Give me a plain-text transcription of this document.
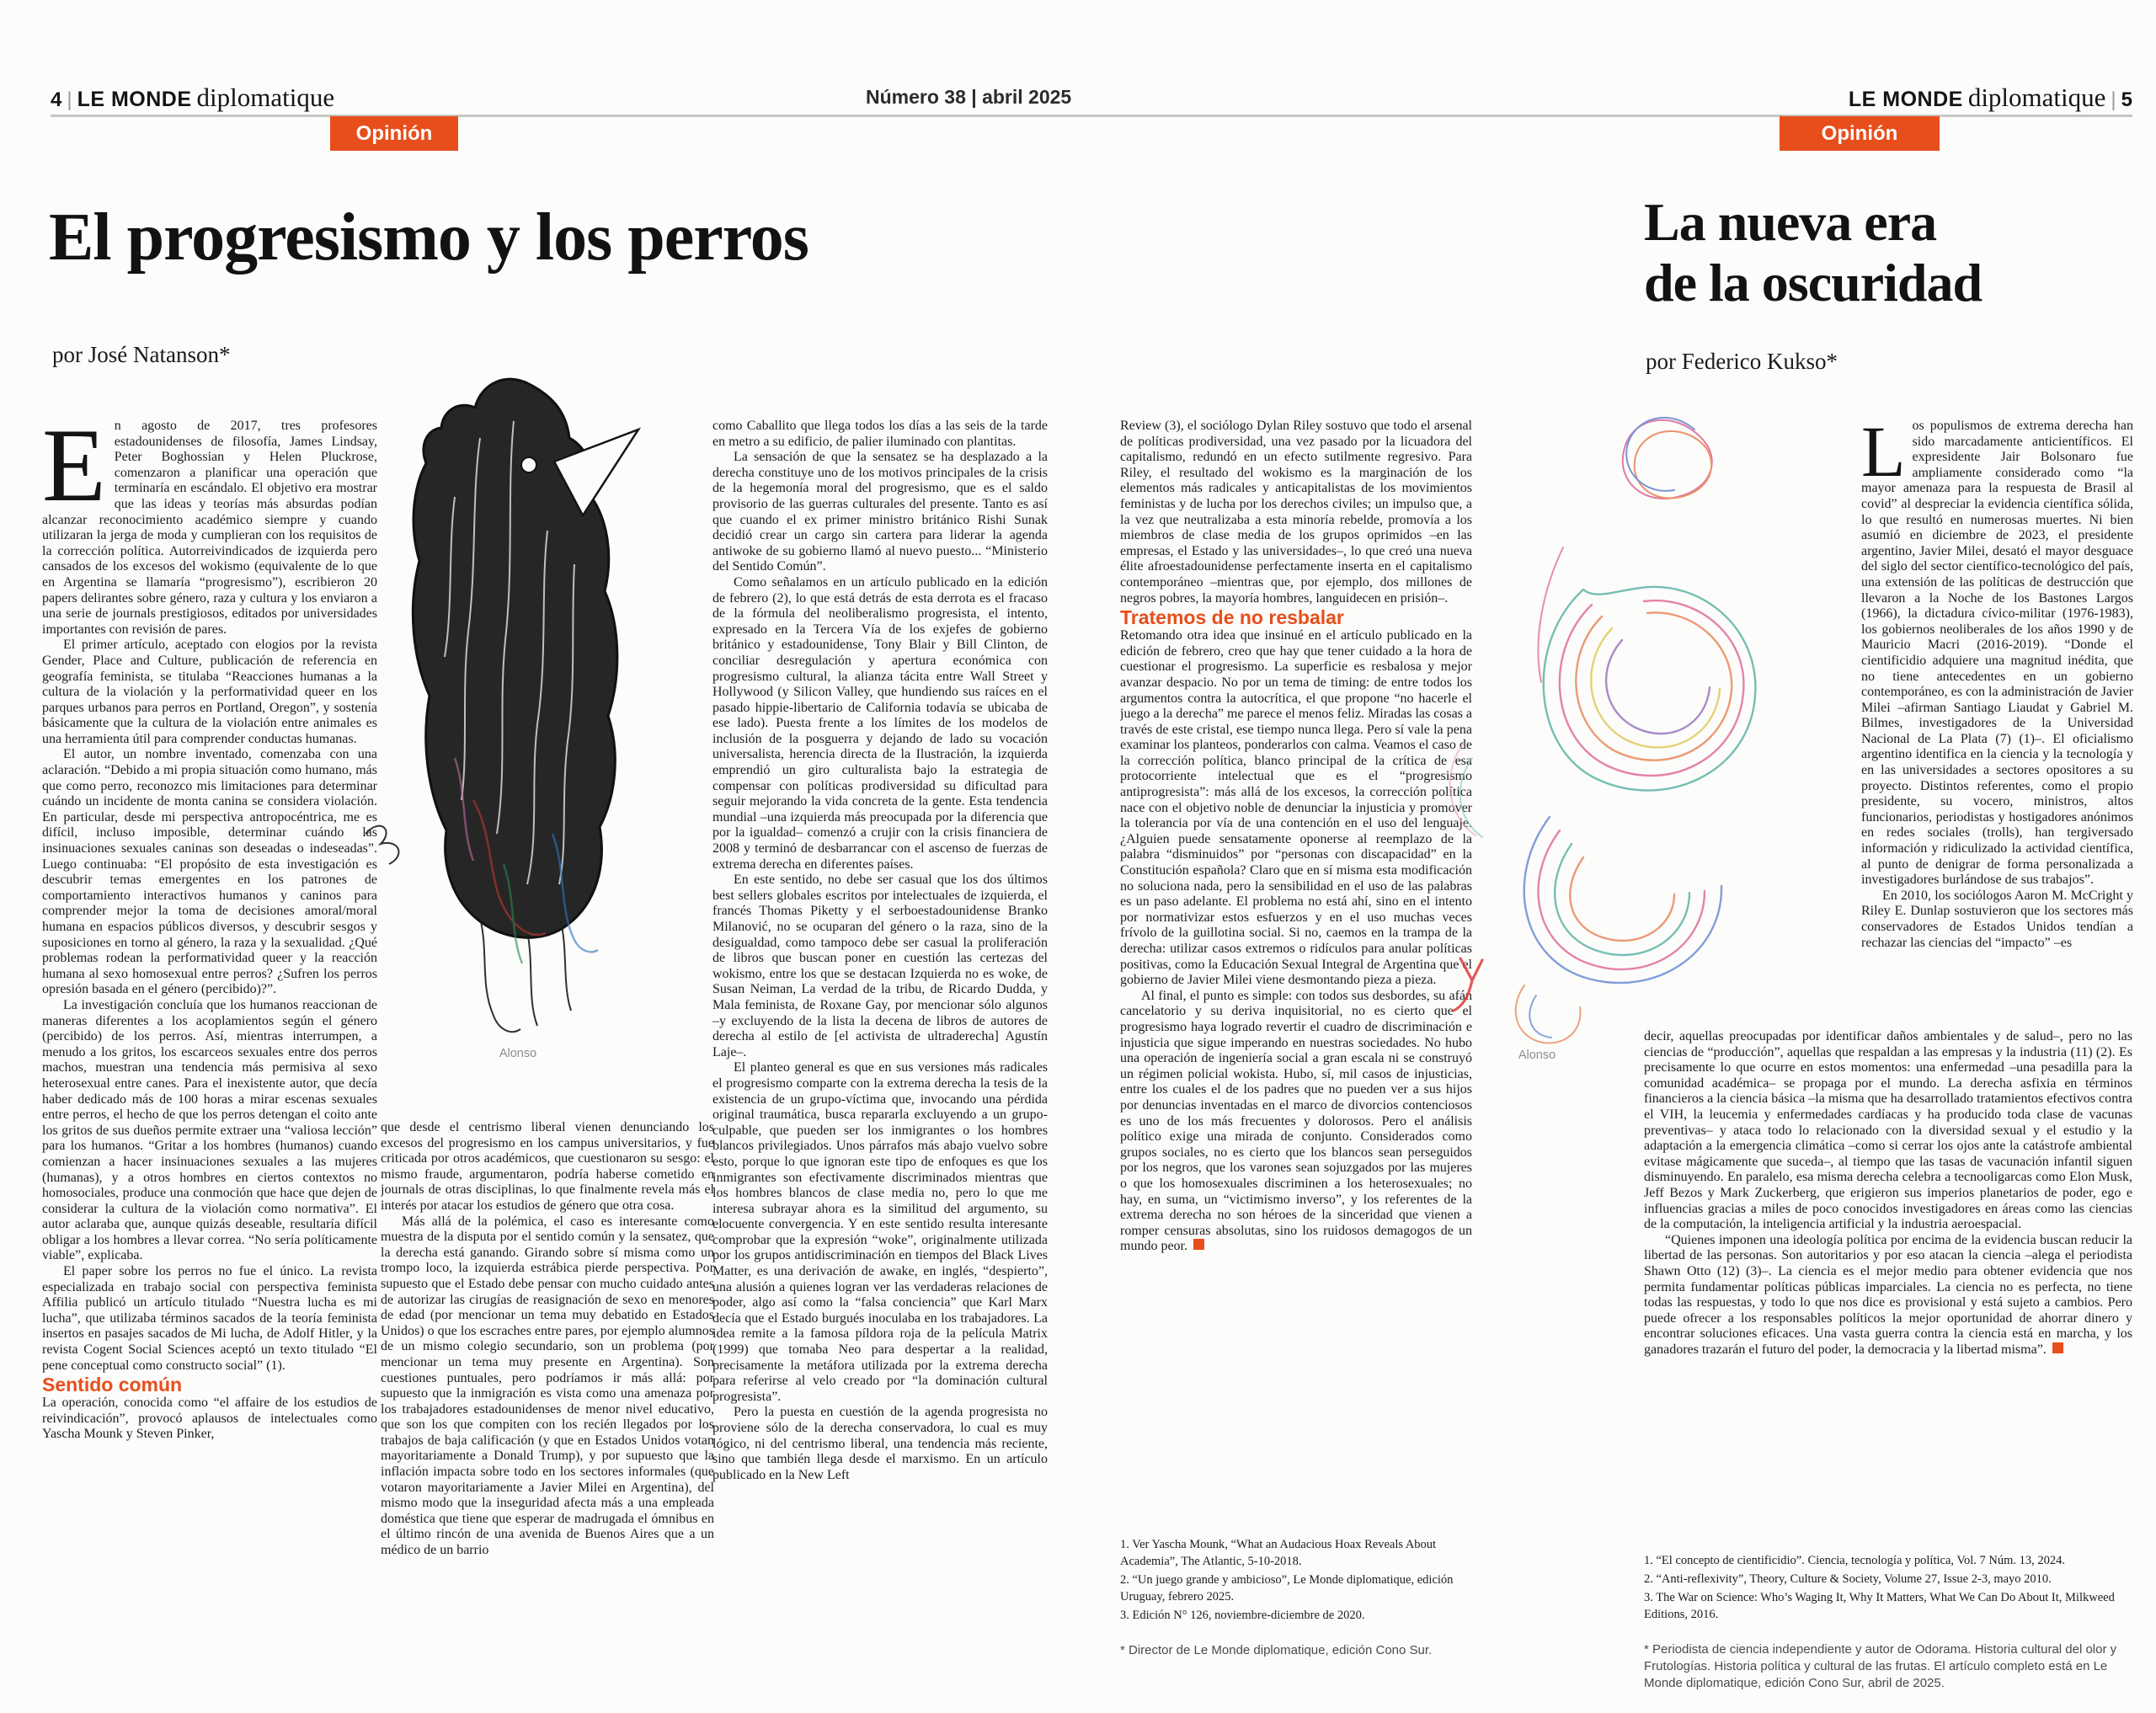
4 | LE MONDE diplomatique	Número 38 | abril 2025	LE MONDE diplomatique | 5
Opinión	Opinión
El progresismo y los perros
por José Natanson*
Alonso

En agosto de 2017, tres profesores estadounidenses de filosofía, James Lindsay, Peter Boghossian y Helen Pluckrose, comenzaron a planificar una operación que terminaría en escándalo. El objetivo era mostrar que las ideas y teorías más absurdas podían alcanzar reconocimiento académico siempre y cuando utilizaran la jerga de moda y cumplieran con los requisitos de la corrección política. Autorreivindicados de izquierda pero cansados de los excesos del wokismo (equivalente de lo que en Argentina se llamaría “progresismo”), escribieron 20 papers delirantes sobre género, raza y cultura y los enviaron a una serie de journals prestigiosos, editados por universidades importantes con revisión de pares.

El primer artículo, aceptado con elogios por la revista Gender, Place and Culture, publicación de referencia en geografía feminista, se titulaba “Reacciones humanas a la cultura de la violación y la performatividad queer en los parques urbanos para perros en Portland, Oregon”, y sostenía básicamente que la cultura de la violación entre animales es una herramienta útil para comprender conductas humanas.

El autor, un nombre inventado, comenzaba con una aclaración. “Debido a mi propia situación como humano, más que como perro, reconozco mis limitaciones para determinar cuándo un incidente de monta canina se considera violación. En particular, desde mi perspectiva antropocéntrica, me es difícil, incluso imposible, determinar cuándo las insinuaciones sexuales caninas son deseadas o indeseadas”. Luego continuaba: “El propósito de esta investigación es descubrir temas emergentes en los patrones de comportamiento interactivos humanos y caninos para comprender mejor la toma de decisiones amoral/moral humana en espacios públicos diversos, y descubrir sesgos y suposiciones en torno al género, la raza y la sexualidad. ¿Qué problemas rodean la performatividad queer y la reacción humana al sexo homosexual entre perros? ¿Sufren los perros opresión basada en el género (percibido)?”.

La investigación concluía que los humanos reaccionan de maneras diferentes a los acoplamientos según el género (percibido) de los perros. Así, mientras interrumpen, a menudo a los gritos, los escarceos sexuales entre dos perros machos, muestran una tendencia más permisiva al sexo heterosexual entre canes. Para el inexistente autor, que decía haber dedicado más de 100 horas a mirar escenas sexuales entre perros, el hecho de que los perros detengan el coito ante los gritos de sus dueños permite extraer una “valiosa lección” para los humanos. “Gritar a los hombres (humanos) cuando comienzan a hacer insinuaciones sexuales a las mujeres (humanas), y a otros hombres en ciertos contextos no homosociales, produce una conmoción que hace que dejen de considerar la cultura de la violación como normativa”. El autor aclaraba que, aunque quizás deseable, resultaría difícil obligar a los hombres a llevar correa. “No sería políticamente viable”, explicaba.

El paper sobre los perros no fue el único. La revista especializada en trabajo social con perspectiva feminista Affilia publicó un artículo titulado “Nuestra lucha es mi lucha”, que utilizaba términos sacados de la teoría feminista insertos en pasajes sacados de Mi lucha, de Adolf Hitler, y la revista Cogent Social Sciences aceptó un texto titulado “El pene conceptual como constructo social” (1).

Sentido común

La operación, conocida como “el affaire de los estudios de reivindicación”, provocó aplausos de intelectuales como Yascha Mounk y Steven Pinker,

que desde el centrismo liberal vienen denunciando los excesos del progresismo en los campus universitarios, y fue criticada por otros académicos, que cuestionaron su sesgo: el mismo fraude, argumentaron, podría haberse cometido en journals de otras disciplinas, lo que finalmente revela más el interés por atacar los estudios de género que otra cosa.

Más allá de la polémica, el caso es interesante como muestra de la disputa por el sentido común y la sensatez, que la derecha está ganando. Girando sobre sí misma como un trompo loco, la izquierda estrábica pierde perspectiva. Por supuesto que el Estado debe pensar con mucho cuidado antes de autorizar las cirugías de reasignación de sexo en menores de edad (por mencionar un tema muy debatido en Estados Unidos) o que los escraches entre pares, por ejemplo alumnos de un mismo colegio secundario, son un problema (por mencionar un tema muy presente en Argentina). Son cuestiones puntuales, pero podríamos ir más allá: por supuesto que la inmigración es vista como una amenaza por los trabajadores estadounidenses de menor nivel educativo, que son los que compiten con los recién llegados por los trabajos de baja calificación (y que en Estados Unidos votan mayoritariamente a Donald Trump), y por supuesto que la inflación impacta sobre todo en los sectores informales (que votaron mayoritariamente a Javier Milei en Argentina), del mismo modo que la inseguridad afecta más a una empleada doméstica que tiene que esperar de madrugada el ómnibus en el último rincón de una avenida de Buenos Aires que a un médico de un barrio

como Caballito que llega todos los días a las seis de la tarde en metro a su edificio, de palier iluminado con plantitas.

La sensación de que la sensatez se ha desplazado a la derecha constituye uno de los motivos principales de la crisis de la hegemonía moral del progresismo, que es el saldo provisorio de las guerras culturales del presente. Tanto es así que cuando el ex primer ministro británico Rishi Sunak decidió crear un cargo sin cartera para liderar la agenda antiwoke de su gobierno llamó al nuevo puesto... “Ministerio del Sentido Común”.

Como señalamos en un artículo publicado en la edición de febrero (2), lo que está detrás de esta derrota es el fracaso de la fórmula del neoliberalismo progresista, el intento, expresado en la Tercera Vía de los exjefes de gobierno británico y estadounidense, Tony Blair y Bill Clinton, de conciliar desregulación y apertura económica con progresismo cultural, la alianza tácita entre Wall Street y Hollywood (y Silicon Valley, que hundiendo sus raíces en el pasado hippie-libertario de California todavía se ubicaba de ese lado). Puesta frente a los límites de los modelos de inclusión de la posguerra y dejando de lado su vocación universalista, herencia directa de la Ilustración, la izquierda emprendió un giro culturalista bajo la estrategia de compensar con políticas prodiversidad su dificultad para seguir mejorando la vida concreta de la gente. Esta tendencia mundial –una izquierda más preocupada por la diferencia que por la igualdad– comenzó a crujir con la crisis financiera de 2008 y terminó de desbarrancar con el ascenso de fuerzas de extrema derecha en diferentes países.

En este sentido, no debe ser casual que los dos últimos best sellers globales escritos por intelectuales de izquierda, el francés Thomas Piketty y el serboestadounidense Branko Milanović, no se ocuparan del género o la raza, sino de la desigualdad, como tampoco debe ser casual la proliferación de libros que buscan poner en cuestión las certezas del wokismo, entre los que se destacan Izquierda no es woke, de Susan Neiman, La verdad de la tribu, de Ricardo Dudda, y Mala feminista, de Roxane Gay, por mencionar sólo algunos –y excluyendo de la lista la decena de libros de autores de derecha al estilo de [el activista de ultraderecha] Agustín Laje–.

El planteo general es que en sus versiones más radicales el progresismo comparte con la extrema derecha la tesis de la existencia de un grupo-víctima que, invocando una pérdida original traumática, busca repararla excluyendo a un grupo-culpable, que pueden ser los inmigrantes o los hombres blancos privilegiados. Unos párrafos más abajo vuelvo sobre esto, porque lo que ignoran este tipo de enfoques es que los inmigrantes son efectivamente discriminados mientras que los hombres blancos de clase media no, pero lo que me interesa subrayar ahora es la similitud del argumento, su elocuente convergencia. Y en este sentido resulta interesante comprobar que la expresión “woke”, originalmente utilizada por los grupos antidiscriminación en tiempos del Black Lives Matter, es una derivación de awake, en inglés, “despierto”, una alusión a quienes logran ver las verdaderas relaciones de poder, algo así como la “falsa conciencia” que Karl Marx decía que el Estado burgués inoculaba en los trabajadores. La idea remite a la famosa píldora roja de la película Matrix (1999) que tomaba Neo para despertar a la realidad, precisamente la metáfora utilizada por la extrema derecha para referirse al velo creado por “la dominación cultural progresista”.

Pero la puesta en cuestión de la agenda progresista no proviene sólo de la derecha conservadora, lo cual es muy lógico, ni del centrismo liberal, una tendencia más reciente, sino que también llega desde el marxismo. En un artículo publicado en la New Left

Review (3), el sociólogo Dylan Riley sostuvo que todo el arsenal de políticas prodiversidad, una vez pasado por la licuadora del capitalismo, redundó en un efecto sutilmente regresivo. Para Riley, el resultado del wokismo es la marginación de los elementos más radicales y anticapitalistas de los movimientos feministas y de lucha por los derechos civiles; un impulso que, a la vez que neutralizaba a esta minoría rebelde, promovía a los miembros de clase media de los grupos oprimidos –en las empresas, el Estado y las universidades–, lo que creó una nueva élite afroestadounidense perfectamente inserta en el capitalismo contemporáneo –mientras que, por ejemplo, dos millones de negros pobres, la mayoría hombres, languidecen en prisión–.

Tratemos de no resbalar

Retomando otra idea que insinué en el artículo publicado en la edición de febrero, creo que hay que tener cuidado a la hora de cuestionar el progresismo. La superficie es resbalosa y mejor avanzar despacio. No por un tema de timing: de entre todos los argumentos contra la autocrítica, el que propone “no hacerle el juego a la derecha” me parece el menos feliz. Miradas las cosas a través de este cristal, ese tiempo nunca llega. Pero sí vale la pena examinar los planteos, ponderarlos con calma. Veamos el caso de la corrección política, blanco principal de la crítica de esa protocorriente intelectual que es el “progresismo antiprogresista”: más allá de los excesos, la corrección política nace con el objetivo noble de denunciar la injusticia y promover la tolerancia por vía de una contención en el uso del lenguaje. ¿Alguien puede sensatamente oponerse al reemplazo de la palabra “disminuidos” por “personas con discapacidad” en la Constitución española? Claro que en sí misma esta modificación no soluciona nada, pero la sensibilidad en el uso de las palabras es un paso adelante. El problema no está ahí, sino en el intento por normativizar estos esfuerzos y en el uso muchas veces frívolo de la guillotina social. Si no, caemos en la trampa de la derecha: utilizar casos extremos o ridículos para anular políticas positivas, como la Educación Sexual Integral de Argentina que el gobierno de Javier Milei viene desmontando pieza a pieza.

Al final, el punto es simple: con todos sus desbordes, su afán cancelatorio y su deriva inquisitorial, no es cierto que el progresismo haya logrado revertir el cuadro de discriminación e injusticia que sigue imperando en nuestras sociedades. No hubo una operación de ingeniería social a gran escala ni se construyó un régimen policial wokista. Hubo, sí, mil casos de injusticias, entre los cuales el de los padres que no pueden ver a sus hijos por denuncias inventadas en el marco de divorcios contenciosos es uno de los más frecuentes y dolorosos. Pero el análisis político exige una mirada de conjunto. Considerados como grupos sociales, no es cierto que los blancos sean perseguidos por los negros, que los varones sean sojuzgados por las mujeres o que los homosexuales discriminen a los heterosexuales; no hay, en suma, un “victimismo inverso”, y los referentes de la extrema derecha no son héroes de la sinceridad que vienen a romper censuras absolutas, sino los ruidosos demagogos de un mundo peor.

1. Ver Yascha Mounk, “What an Audacious Hoax Reveals About Academia”, The Atlantic, 5-10-2018.

2. “Un juego grande y ambicioso”, Le Monde diplomatique, edición Uruguay, febrero 2025.

3. Edición N° 126, noviembre-diciembre de 2020.

* Director de Le Monde diplomatique, edición Cono Sur.
La nueva era
de la oscuridad
por Federico Kukso*
Alonso

Los populismos de extrema derecha han sido marcadamente anticientíficos. El expresidente Jair Bolsonaro fue ampliamente considerado como “la mayor amenaza para la respuesta de Brasil al covid” al despreciar la evidencia científica sólida, lo que resultó en numerosas muertes. Ni bien asumió en diciembre de 2023, el presidente argentino, Javier Milei, desató el mayor desguace del siglo del sector científico-tecnológico del país, una extensión de las políticas de destrucción que llevaron a la Noche de los Bastones Largos (1966), la dictadura cívico-militar (1976-1983), los gobiernos neoliberales de los años 1990 y de Mauricio Macri (2016-2019). “Donde el cientificidio adquiere una magnitud inédita, que no tiene antecedentes en un gobierno contemporáneo, es con la administración de Javier Milei –afirman Santiago Liaudat y Gabriel M. Bilmes, investigadores de la Universidad Nacional de La Plata (7) (1)–. El oficialismo argentino identifica en la ciencia y la tecnología y en las universidades a sectores opositores a su proyecto. Distintos referentes, como el propio presidente, su vocero, ministros, altos funcionarios, periodistas y hostigadores anónimos en redes sociales (trolls), han tergiversado información y ridiculizado la actividad científica, al punto de denigrar de forma personalizada a investigadores burlándose de sus trabajos”.

En 2010, los sociólogos Aaron M. McCright y Riley E. Dunlap sostuvieron que los sectores más conservadores de Estados Unidos tendían a rechazar las ciencias del “impacto” –es

decir, aquellas preocupadas por identificar daños ambientales y de salud–, pero no las ciencias de “producción”, aquellas que respaldan a las empresas y la industria (11) (2). Es precisamente lo que ocurre en estos momentos: una enfermedad –una pesadilla para la comunidad académica– se propaga por el mundo. La derecha asfixia en términos financieros a la ciencia básica –la misma que ha desarrollado tratamientos efectivos contra el VIH, la leucemia y enfermedades cardíacas y ha producido toda clase de vacunas preventivas– y ataca todo lo relacionado con la diversidad sexual y el estudio y la adaptación a la emergencia climática –como si cerrar los ojos ante la catástrofe ambiental evitase mágicamente que suceda–, al tiempo que las tasas de vacunación infantil siguen disminuyendo. En paralelo, esa misma derecha celebra a tecnooligarcas como Elon Musk, Jeff Bezos y Mark Zuckerberg, que erigieron sus imperios planetarios de poder, ego e influencias gracias a miles de poco conocidos investigadores en áreas como las ciencias de la computación, la inteligencia artificial y la industria aeroespacial.

“Quienes imponen una ideología política por encima de la evidencia buscan reducir la libertad de las personas. Son autoritarios y por eso atacan la ciencia –alega el periodista Shawn Otto (12) (3)–. La ciencia es el mejor medio para obtener evidencia que nos permita fundamentar políticas públicas imparciales. La ciencia no es perfecta, no tiene todas las respuestas, y todo lo que nos dice es provisional y está sujeto a cambios. Pero puede ofrecer a los responsables políticos la mejor oportunidad de ahorrar dinero y encontrar soluciones eficaces. Una vasta guerra contra la ciencia está en marcha, y los ganadores trazarán el futuro del poder, la democracia y la libertad misma”.

1. “El concepto de cientificidio”. Ciencia, tecnología y política, Vol. 7 Núm. 13, 2024.

2. “Anti-reflexivity”, Theory, Culture & Society, Volume 27, Issue 2-3, mayo 2010.

3. The War on Science: Who’s Waging It, Why It Matters, What We Can Do About It, Milkweed Editions, 2016.

* Periodista de ciencia independiente y autor de Odorama. Historia cultural del olor y Frutologías. Historia política y cultural de las frutas. El artículo completo está en Le Monde diplomatique, edición Cono Sur, abril de 2025.
